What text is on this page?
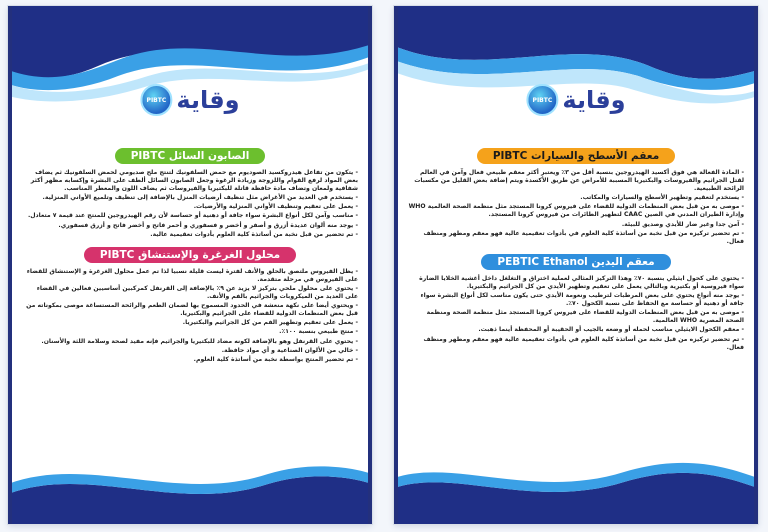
وقاية
PIBTC
الصابون السائل PIBTC
- يتكون من تفاعل هيدروكسيد الصوديوم مع حمض السلفونيك لتنتج ملح صديومي لحمض السلفونيك ثم يضاف بعض المواد لرفع القوام واللزوجة وزيادة الرغوة وجعل الصابون السائل ألطف على البشرة وإكسابه مظهر أكثر شفافية ولمعان وتضاف مادة حافظة قاتلة للبكتيريا والفيروسات ثم يضاف اللون والمعطر المناسب.
- يستخدم في العديد من الأغراض مثل تنظيف أرضيات المنزل بالإضافة إلى تنظيف وتلميع الأواني المنزلية.
- يعمل على تعقيم وتنظيف الأواني المنزلية والأرضيات.
- مناسب وآمن لكل أنواع البشرة سواء جافة أو دهنية أو حساسة لأن رقم الهيدروجين للمنتج عند قيمة ٧ متعادل.
- يوجد منه ألوان عديدة أزرق و أصفر و أخضر و فسفوري و أحمر فاتح و أخضر فاتح و أزرق فسفوري.
- تم تحضير من قبل نخبة من أساتذة كلية العلوم بأدوات تعقيمية عالية.
محلول الغرغرة والإستنشاق PIBTC
- يظل الفيروس ملتصق بالحلق والأنف لفترة ليست قليلة نسبيا لذا تم عمل محلول الغرغرة و الإستنشاق للقضاء على الفيروس في مرحلة متقدمة.
- يحتوي على محلول ملحي بتركيز لا يزيد عن ٩٪ بالإضافة إلى القرنفل كمركبين أساسيين فعالين في القضاء على العديد من الميكروبات والجراثيم بالفم والأنف.
- ويحتوي أيضا على نكهة منعشة في الحدود المسموح بها لضمان الطعم والرائحة المستساغة موصى بمكوناته من قبل بعض المنظمات الدولية للقضاء على الجراثيم والبكتيريا.
- يعمل على تعقيم وتطهير الفم من كل الجراثيم والبكتيريا.
- منتج طبيعي بنسبة ١٠٠٪.
- يحتوي على القرنفل وهو بالإضافة لكونه مضاد للبكتيريا والجراثيم فإنه مفيد لصحة وسلامة اللثة والأسنان.
- خالي من الألوان الصناعية و أي مواد حافظة.
- تم تحضير المنتج بواسطة نخبة من أساتذة كلية العلوم.
وقاية
PIBTC
معقم الأسطح والسيارات PIBTC
- المادة الفعالة هي فوق أكسيد الهيدروجين بنسبة أقل من ٣٪ ويعتبر أكثر معقم طبيعي فعال وآمن في العالم لقتل الجراثيم والفيروسات والبكتيريا المسببة للأمراض عن طريق الأكسدة ويتم إضافة بعض القليل من مكسبات الرائحة الطبيعية.
- يستخدم لتعقيم وتطهير الأسطح والسيارات والمكاتب.
- موصى به من قبل بعض المنظمات الدولية للقضاء على فيروس كرونا المستجد مثل منظمة الصحة العالمية WHO وإدارة الطيران المدني في الصين CAAC لتطهير الطائرات من فيروس كرونا المستجد.
- آمن جدا وغير ضار للأيدي وصديق للبيئة.
- تم تحضير تركيزه من قبل نخبة من أساتذة كلية العلوم في بأدوات تعقيمية عالية فهو معقم ومطهر ومنظف فعال.
معقم اليدين PEBTIC Ethanol
- يحتوي على كحول ايثيلي بنسبة ٧٠٪ وهذا التركيز المثالي لعملية اختراق و التغلغل داخل أغشية الخلايا الضارة سواء فيروسية أو بكتيرية وبالتالي يعمل على تعقيم وتطهير الأيدي من كل الجراثيم والبكتيريا.
- يوجد منه أنواع يحتوي على بعض المرطبات لترطيب ونعومة الأيدي حتى يكون مناسب لكل أنواع البشرة سواء جافة أو دهنية أو حساسة مع الحفاظ على نسبة الكحول ٧٠٪.
- موصى به من قبل بعض المنظمات الدولية للقضاء على فيروس كرونا المستجد مثل منظمة الصحة ومنظمة الصحة المصرية WHO العالمية.
- معقم الكحول الايثيلي مناسب لحمله أو وضعه بالجيب أو الحقيبة أو المحفظة أينما ذهبت.
- تم تحضير تركيزه من قبل نخبة من أساتذة كلية العلوم في بأدوات تعقيمية عالية فهو معقم ومطهر ومنظف فعال.
